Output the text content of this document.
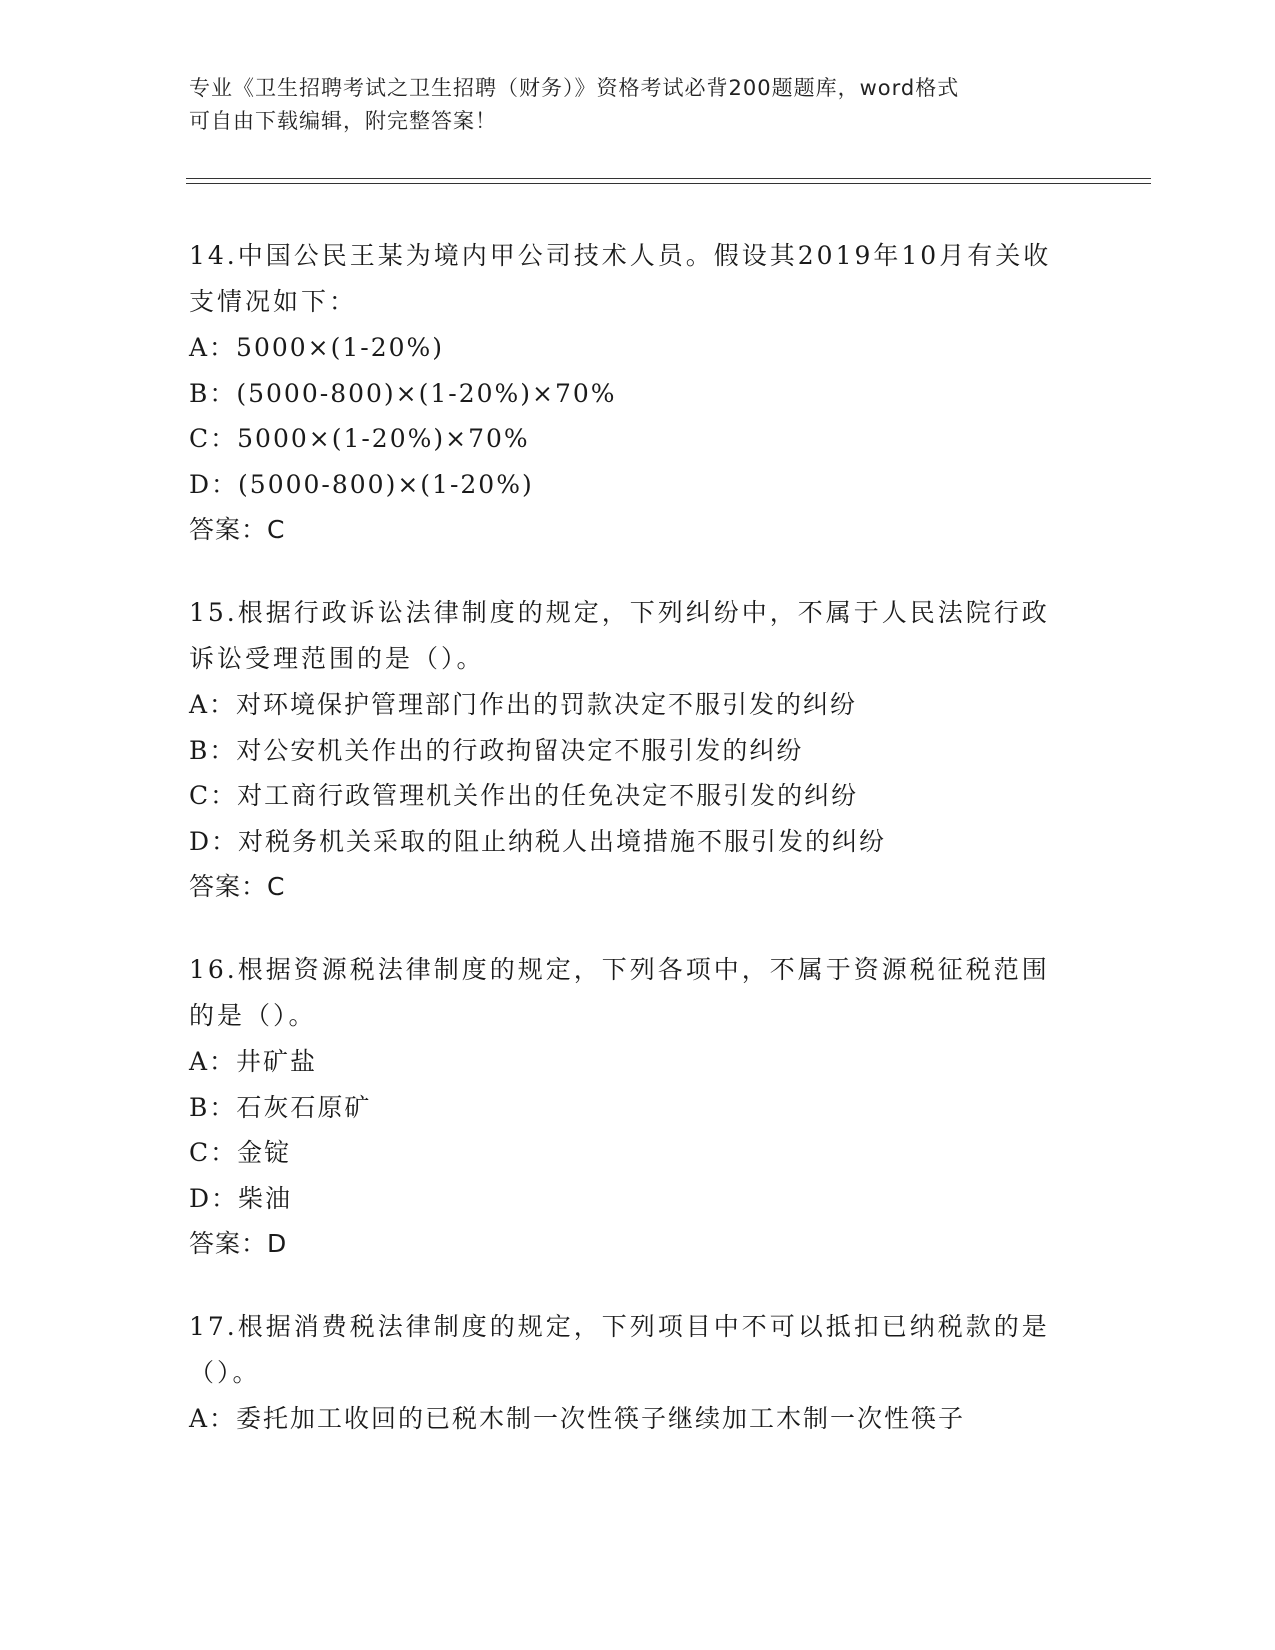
专业《卫生招聘考试之卫生招聘（财务）》资格考试必背200题题库，word格式
可自由下载编辑，附完整答案！

14.中国公民王某为境内甲公司技术人员。假设其2019年10月有关收
支情况如下：

A：5000×(1-20%)

B：(5000-800)×(1-20%)×70%

C：5000×(1-20%)×70%

D：(5000-800)×(1-20%)

答案：C

15.根据行政诉讼法律制度的规定，下列纠纷中，不属于人民法院行政
诉讼受理范围的是（）。

A：对环境保护管理部门作出的罚款决定不服引发的纠纷

B：对公安机关作出的行政拘留决定不服引发的纠纷

C：对工商行政管理机关作出的任免决定不服引发的纠纷

D：对税务机关采取的阻止纳税人出境措施不服引发的纠纷

答案：C

16.根据资源税法律制度的规定，下列各项中，不属于资源税征税范围
的是（）。

A：井矿盐

B：石灰石原矿

C：金锭

D：柴油

答案：D

17.根据消费税法律制度的规定，下列项目中不可以抵扣已纳税款的是
（）。

A：委托加工收回的已税木制一次性筷子继续加工木制一次性筷子
